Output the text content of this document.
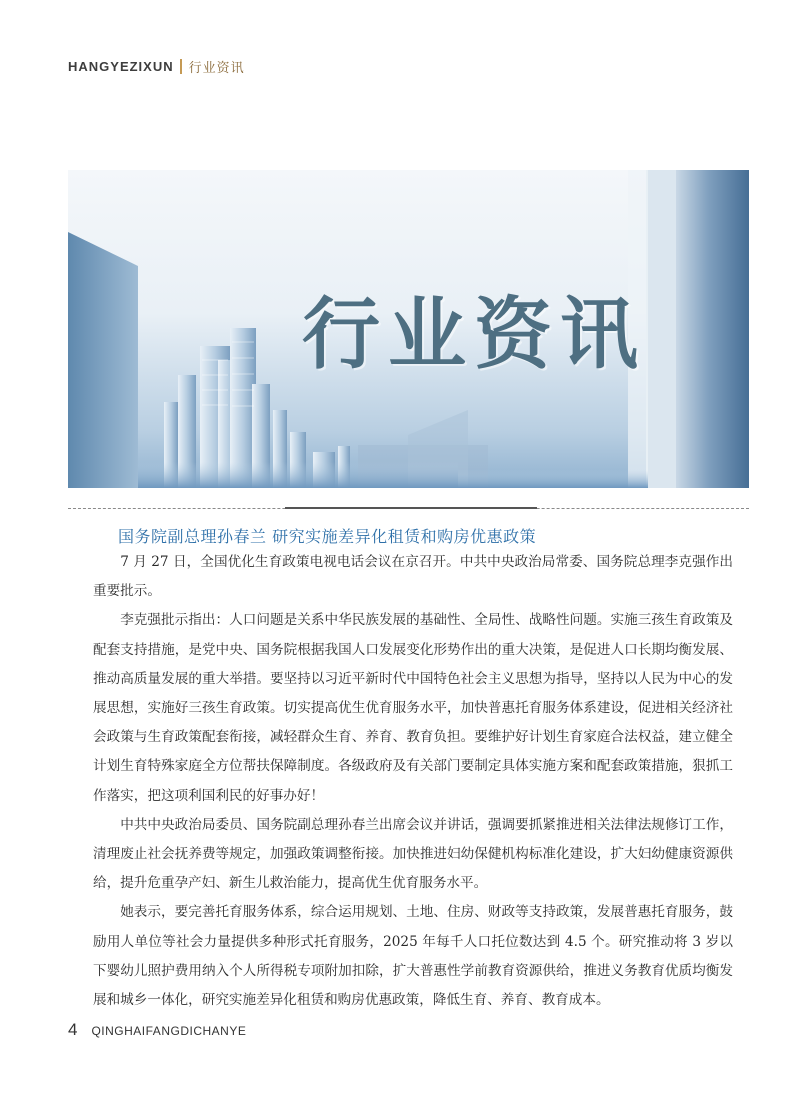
HANGYEZIXUN 行业资讯
行业资讯
国务院副总理孙春兰 研究实施差异化租赁和购房优惠政策

7 月 27 日，全国优化生育政策电视电话会议在京召开。中共中央政治局常委、国务院总理李克强作出重要批示。

李克强批示指出：人口问题是关系中华民族发展的基础性、全局性、战略性问题。实施三孩生育政策及配套支持措施，是党中央、国务院根据我国人口发展变化形势作出的重大决策，是促进人口长期均衡发展、推动高质量发展的重大举措。要坚持以习近平新时代中国特色社会主义思想为指导，坚持以人民为中心的发展思想，实施好三孩生育政策。切实提高优生优育服务水平，加快普惠托育服务体系建设，促进相关经济社会政策与生育政策配套衔接，减轻群众生育、养育、教育负担。要维护好计划生育家庭合法权益，建立健全计划生育特殊家庭全方位帮扶保障制度。各级政府及有关部门要制定具体实施方案和配套政策措施，狠抓工作落实，把这项利国利民的好事办好！

中共中央政治局委员、国务院副总理孙春兰出席会议并讲话，强调要抓紧推进相关法律法规修订工作，清理废止社会抚养费等规定，加强政策调整衔接。加快推进妇幼保健机构标准化建设，扩大妇幼健康资源供给，提升危重孕产妇、新生儿救治能力，提高优生优育服务水平。

她表示，要完善托育服务体系，综合运用规划、土地、住房、财政等支持政策，发展普惠托育服务，鼓励用人单位等社会力量提供多种形式托育服务，2025 年每千人口托位数达到 4.5 个。研究推动将 3 岁以下婴幼儿照护费用纳入个人所得税专项附加扣除，扩大普惠性学前教育资源供给，推进义务教育优质均衡发展和城乡一体化，研究实施差异化租赁和购房优惠政策，降低生育、养育、教育成本。

4 QINGHAIFANGDICHANYE
